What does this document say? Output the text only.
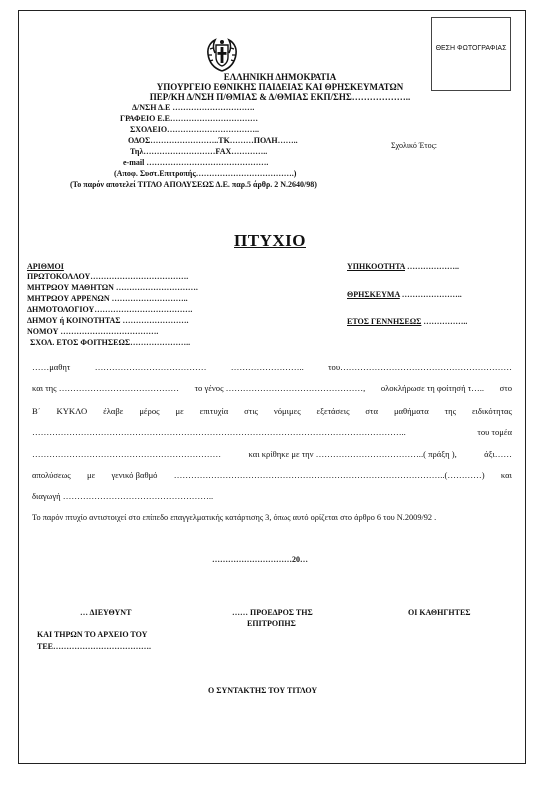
ΘΕΣΗ ΦΩΤΟΓΡΑΦΙΑΣ
ΕΛΛΗΝΙΚΗ ΔΗΜΟΚΡΑΤΙΑ
ΥΠΟΥΡΓΕΙΟ ΕΘΝΙΚΗΣ ΠΑΙΔΕΙΑΣ ΚΑΙ ΘΡΗΣΚΕΥΜΑΤΩΝ
ΠΕΡ/ΚΗ Δ/ΝΣΗ Π/ΘΜΙΑΣ & Δ/ΘΜΙΑΣ ΕΚΠ/ΣΗΣ………………..
Δ/ΝΣΗ Δ.Ε ………………………….
ΓΡΑΦΕΙΟ Ε.Ε……………………………
ΣΧΟΛΕΙΟ……………………………..
ΟΔΟΣ……………………..ΤΚ………ΠΟΛΗ……..
Τηλ………………………FAX…………..
e-mail ……………………………………….
(Αποφ. Συστ.Επιτροπής……………………………….)
(Το παρόν αποτελεί ΤΙΤΛΟ ΑΠΟΛΥΣΕΩΣ Δ.Ε. παρ.5 άρθρ. 2 Ν.2640/98)
Σχολικό Έτος:
ΠΤΥΧΙΟ
ΑΡΙΘΜΟΙ
ΠΡΩΤΟΚΟΛΛΟΥ……………………………….
ΜΗΤΡΩΟΥ ΜΑΘΗΤΩΝ ………………………….
ΜΗΤΡΩΟΥ ΑΡΡΕΝΩΝ ………………………..
ΔΗΜΟΤΟΛΟΓΙΟΥ……………………………….
ΔΗΜΟΥ ή ΚΟΙΝΟΤΗΤΑΣ …………………….
ΝΟΜΟΥ ……………………………….
ΣΧΟΛ. ΕΤΟΣ ΦΟΙΤΗΣΕΩΣ…………………..
ΥΠΗΚΟΟΤΗΤΑ ………………..
ΘΡΗΣΚΕΥΜΑ …………………..
ΕΤΟΣ ΓΕΝΝΗΣΕΩΣ ……………..
……μαθητ	…………………………………	……………………..	του……………………………………………………
και της …………………………………… το γένος …………………………………………, ολοκλήρωσε τη φοίτησή τ….. στο
Β΄ ΚΥΚΛΟ έλαβε μέρος με επιτυχία στις νόμιμες εξετάσεις στα μαθήματα της ειδικότητας
…………………………………………………………………………………………………………………..	του τομέα
…………………………………………………………	και κρίθηκε με την ………………………………..( πράξη ),	άξι……
απολύσεως με γενικό βαθμό …………………………………………………………………………………..(…………) και
διαγωγή ……………………………………………..
Το παρόν πτυχίο αντιστοιχεί στο επίπεδο επαγγελματικής κατάρτισης 3, όπως αυτό ορίζεται στο άρθρο 6 του Ν.2009/92 .
…………………………20…
… ΔΙΕΥΘΥΝΤ	…… ΠΡΟΕΔΡΟΣ ΤΗΣ
ΕΠΙΤΡΟΠΗΣ
ΟΙ ΚΑΘΗΓΗΤΕΣ
ΚΑΙ ΤΗΡΩΝ ΤΟ ΑΡΧΕΙΟ ΤΟΥ
ΤΕΕ……………………………….
Ο ΣΥΝΤΑΚΤΗΣ ΤΟΥ ΤΙΤΛΟΥ
